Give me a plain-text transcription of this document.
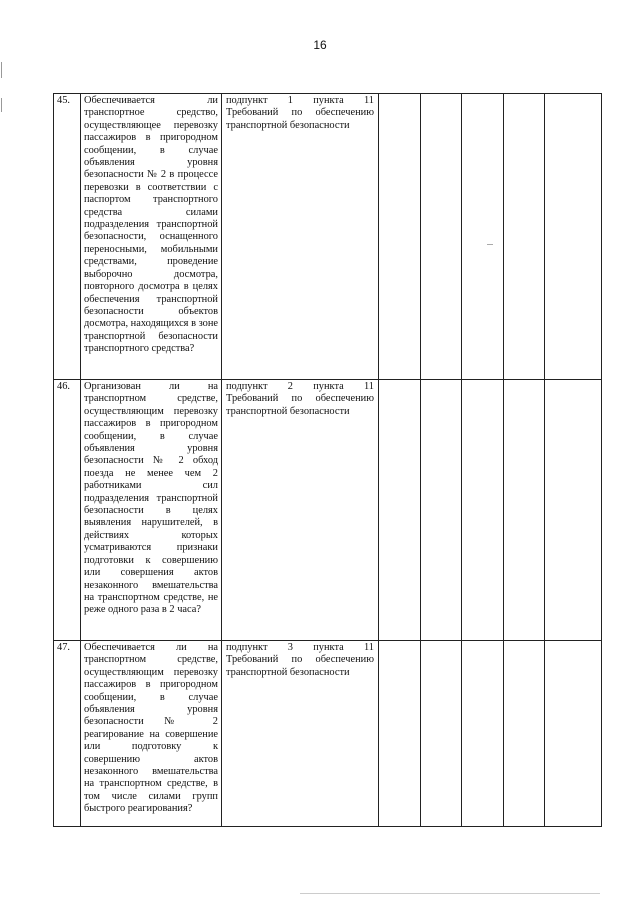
16
45.	Обеспечивается ли транспортное средство, осуществляющее перевозку пассажиров в пригородном сообщении, в случае объявления уровня безопасности № 2 в процессе перевозки в соответствии с паспортом транспортного средства силами подразделения транспортной безопасности, оснащенного переносными, мобильными средствами, проведение выборочно досмотра, повторного досмотра в целях обеспечения транспортной безопасности объектов досмотра, находящихся в зоне транспортной безопасности транспортного средства?	подпункт 1 пункта 11 Требований по обеспечению транспортной безопасности					
46.	Организован ли на транспортном средстве, осуществляющим перевозку пассажиров в пригородном сообщении, в случае объявления уровня безопасности № 2 обход поезда не менее чем 2 работниками сил подразделения транспортной безопасности в целях выявления нарушителей, в действиях которых усматриваются признаки подготовки к совершению или совершения актов незаконного вмешательства на транспортном средстве, не реже одного раза в 2 часа?	подпункт 2 пункта 11 Требований по обеспечению транспортной безопасности					
47.	Обеспечивается ли на транспортном средстве, осуществляющим перевозку пассажиров в пригородном сообщении, в случае объявления уровня безопасности № 2 реагирование на совершение или подготовку к совершению актов незаконного вмешательства на транспортном средстве, в том числе силами групп быстрого реагирования?	подпункт 3 пункта 11 Требований по обеспечению транспортной безопасности					
